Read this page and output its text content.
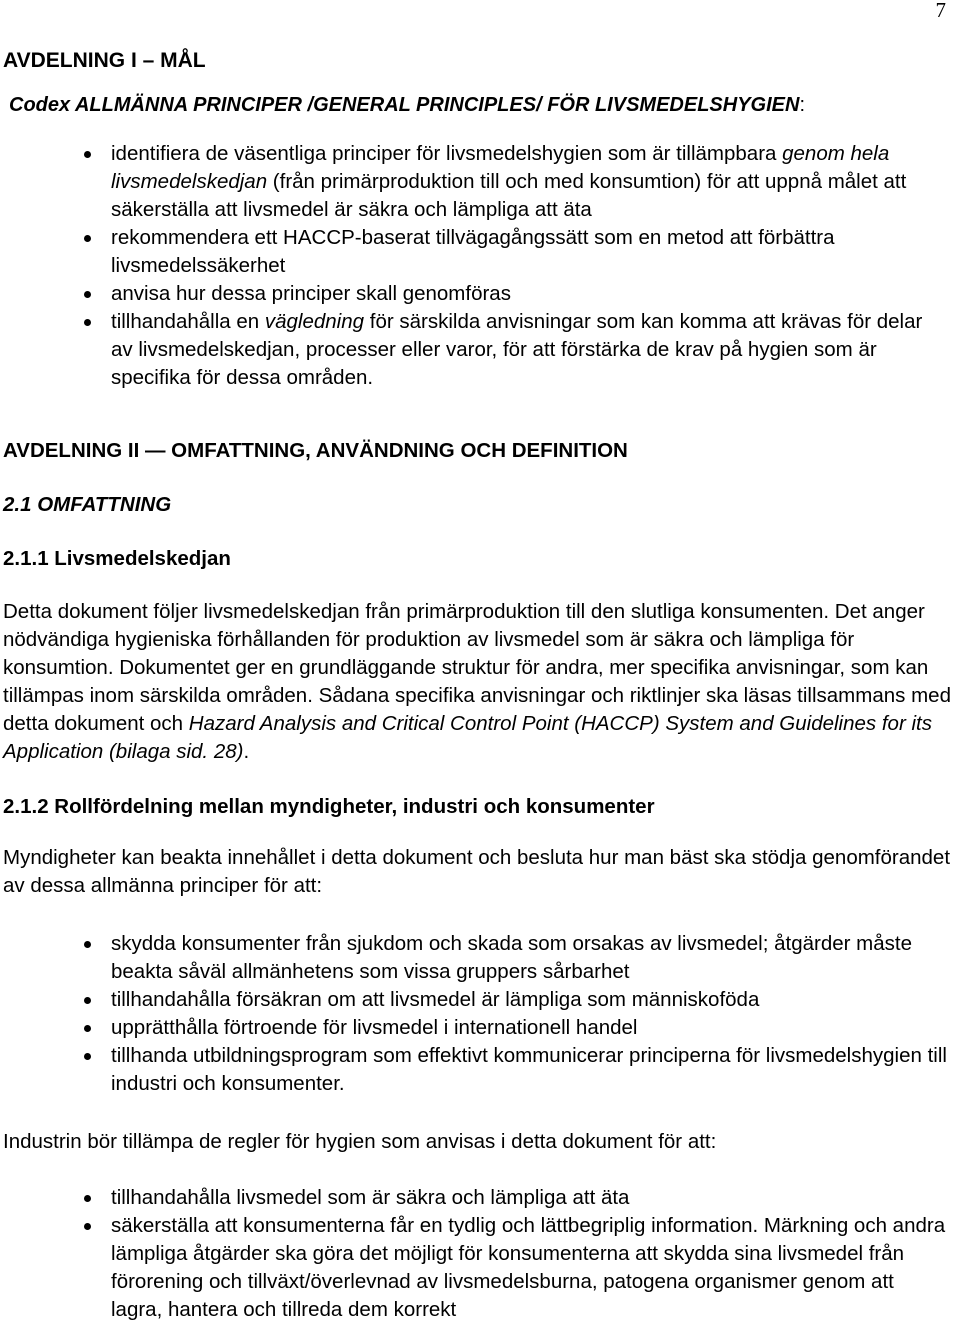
7

AVDELNING I – MÅL

Codex ALLMÄNNA PRINCIPER /GENERAL PRINCIPLES/ FÖR LIVSMEDELSHYGIEN:

identifiera de väsentliga principer för livsmedelshygien som är tillämpbara genom hela livsmedelskedjan (från primärproduktion till och med konsumtion) för att uppnå målet att säkerställa att livsmedel är säkra och lämpliga att äta
rekommendera ett HACCP-baserat tillvägagångssätt som en metod att förbättra livsmedelssäkerhet
anvisa hur dessa principer skall genomföras
tillhandahålla en vägledning för särskilda anvisningar som kan komma att krävas för delar av livsmedelskedjan, processer eller varor, för att förstärka de krav på hygien som är specifika för dessa områden.

AVDELNING II — OMFATTNING, ANVÄNDNING OCH DEFINITION

2.1 OMFATTNING

2.1.1 Livsmedelskedjan

Detta dokument följer livsmedelskedjan från primärproduktion till den slutliga konsumenten. Det anger nödvändiga hygieniska förhållanden för produktion av livsmedel som är säkra och lämpliga för konsumtion. Dokumentet ger en grundläggande struktur för andra, mer specifika anvisningar, som kan tillämpas inom särskilda områden. Sådana specifika anvisningar och riktlinjer ska läsas tillsammans med detta dokument och Hazard Analysis and Critical Control Point (HACCP) System and Guidelines for its Application (bilaga sid. 28).

2.1.2 Rollfördelning mellan myndigheter, industri och konsumenter

Myndigheter kan beakta innehållet i detta dokument och besluta hur man bäst ska stödja genomförandet av dessa allmänna principer för att:

skydda konsumenter från sjukdom och skada som orsakas av livsmedel; åtgärder måste beakta såväl allmänhetens som vissa gruppers sårbarhet
tillhandahålla försäkran om att livsmedel är lämpliga som människoföda
upprätthålla förtroende för livsmedel i internationell handel
tillhanda utbildningsprogram som effektivt kommunicerar principerna för livsmedelshygien till industri och konsumenter.

Industrin bör tillämpa de regler för hygien som anvisas i detta dokument för att:

tillhandahålla livsmedel som är säkra och lämpliga att äta
säkerställa att konsumenterna får en tydlig och lättbegriplig information. Märkning och andra lämpliga åtgärder ska göra det möjligt för konsumenterna att skydda sina livsmedel från förorening och tillväxt/överlevnad av livsmedelsburna, patogena organismer genom att lagra, hantera och tillreda dem korrekt
